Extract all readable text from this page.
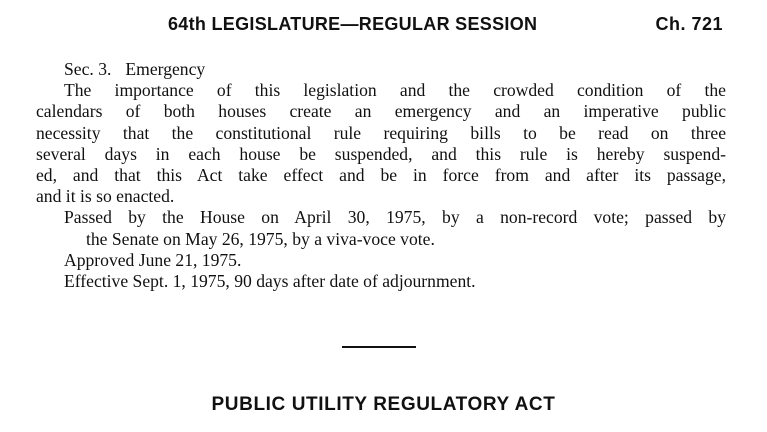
64th LEGISLATURE—REGULAR SESSION	Ch. 721
Sec. 3. Emergency
The importance of this legislation and the crowded condition of the
calendars of both houses create an emergency and an imperative public
necessity that the constitutional rule requiring bills to be read on three
several days in each house be suspended, and this rule is hereby suspend-
ed, and that this Act take effect and be in force from and after its passage,
and it is so enacted.
Passed by the House on April 30, 1975, by a non-record vote; passed by
the Senate on May 26, 1975, by a viva-voce vote.
Approved June 21, 1975.
Effective Sept. 1, 1975, 90 days after date of adjournment.
PUBLIC UTILITY REGULATORY ACT
